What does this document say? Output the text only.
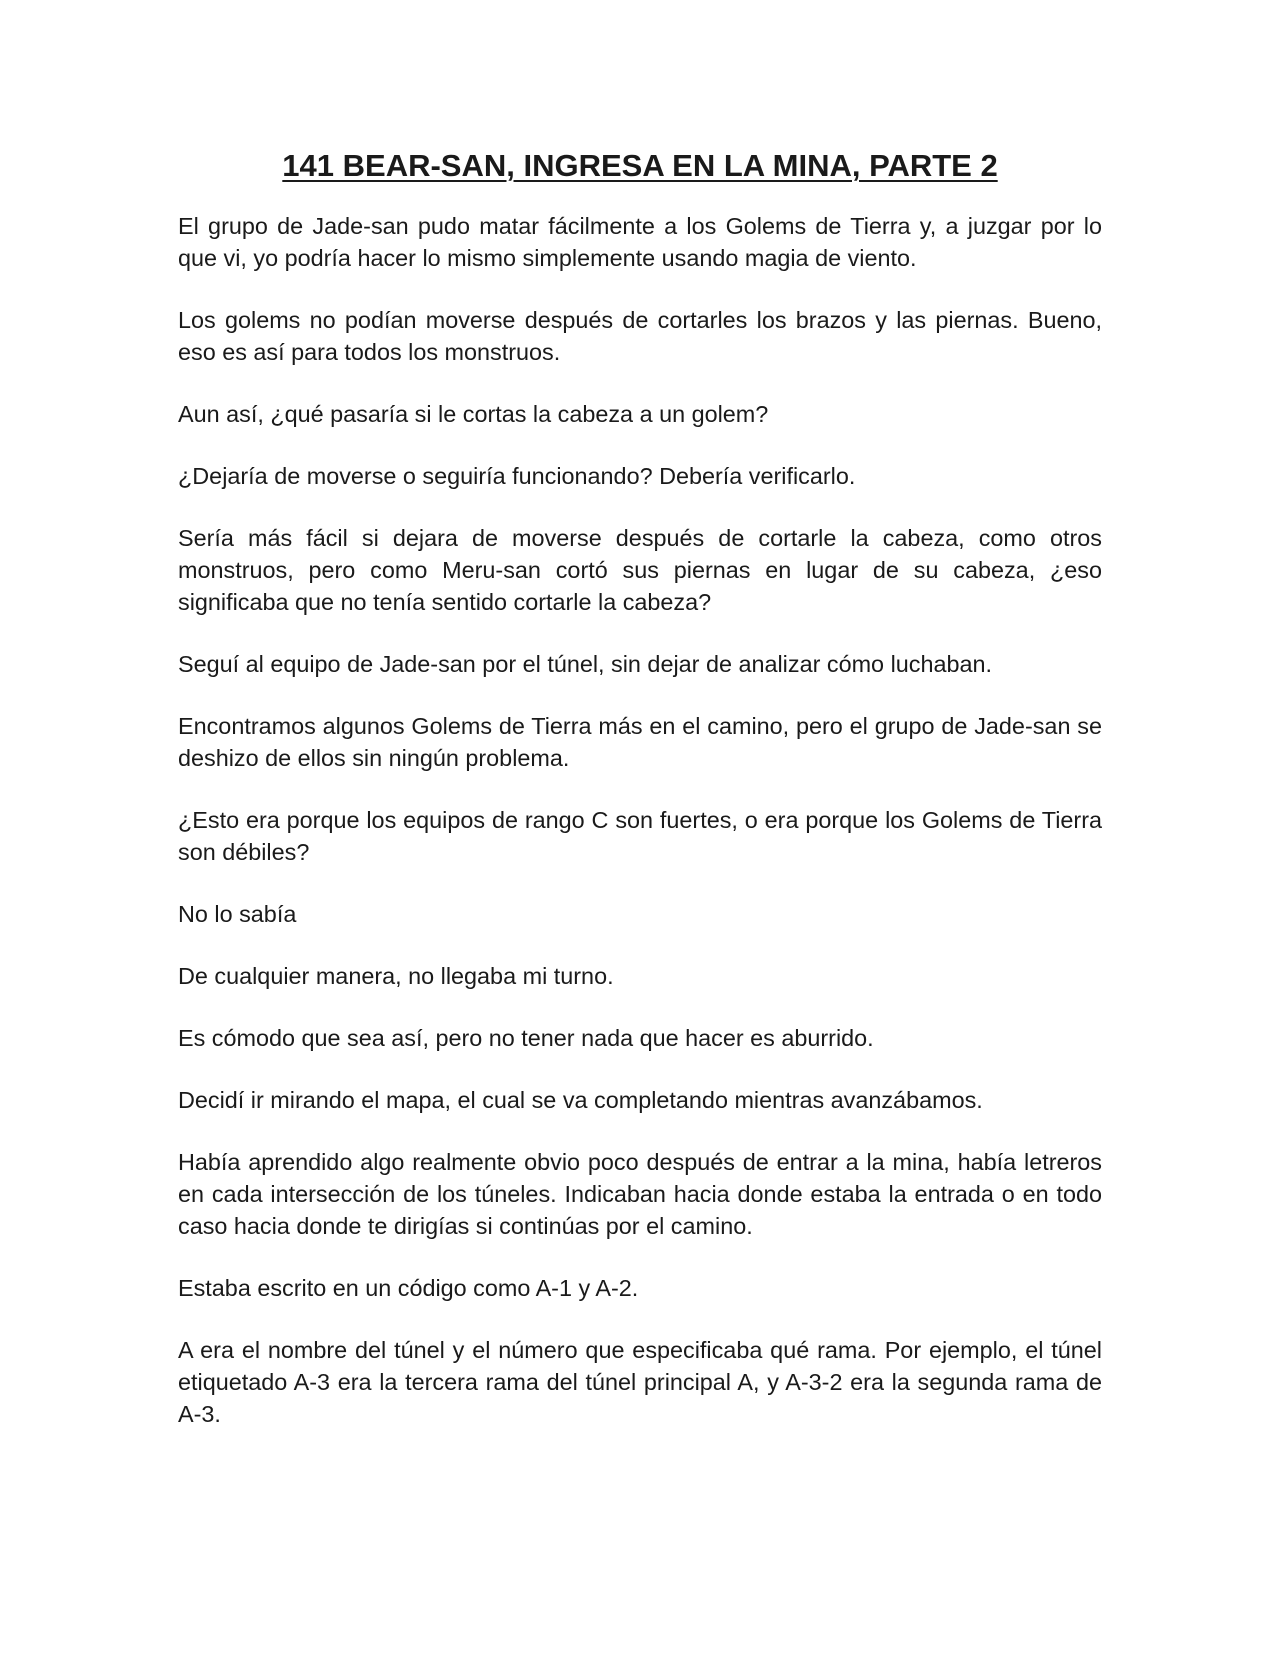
141 BEAR-SAN, INGRESA EN LA MINA, PARTE 2

El grupo de Jade-san pudo matar fácilmente a los Golems de Tierra y, a juzgar por lo que vi, yo podría hacer lo mismo simplemente usando magia de viento.

Los golems no podían moverse después de cortarles los brazos y las piernas. Bueno, eso es así para todos los monstruos.

Aun así, ¿qué pasaría si le cortas la cabeza a un golem?

¿Dejaría de moverse o seguiría funcionando? Debería verificarlo.

Sería más fácil si dejara de moverse después de cortarle la cabeza, como otros monstruos, pero como Meru-san cortó sus piernas en lugar de su cabeza, ¿eso significaba que no tenía sentido cortarle la cabeza?

Seguí al equipo de Jade-san por el túnel, sin dejar de analizar cómo luchaban.

Encontramos algunos Golems de Tierra más en el camino, pero el grupo de Jade-san se deshizo de ellos sin ningún problema.

¿Esto era porque los equipos de rango C son fuertes, o era porque los Golems de Tierra son débiles?

No lo sabía

De cualquier manera, no llegaba mi turno.

Es cómodo que sea así, pero no tener nada que hacer es aburrido.

Decidí ir mirando el mapa, el cual se va completando mientras avanzábamos.

Había aprendido algo realmente obvio poco después de entrar a la mina, había letreros en cada intersección de los túneles. Indicaban hacia donde estaba la entrada o en todo caso hacia donde te dirigías si continúas por el camino.

Estaba escrito en un código como A-1 y A-2.

A era el nombre del túnel y el número que especificaba qué rama. Por ejemplo, el túnel etiquetado A-3 era la tercera rama del túnel principal A, y A-3-2 era la segunda rama de A-3.
